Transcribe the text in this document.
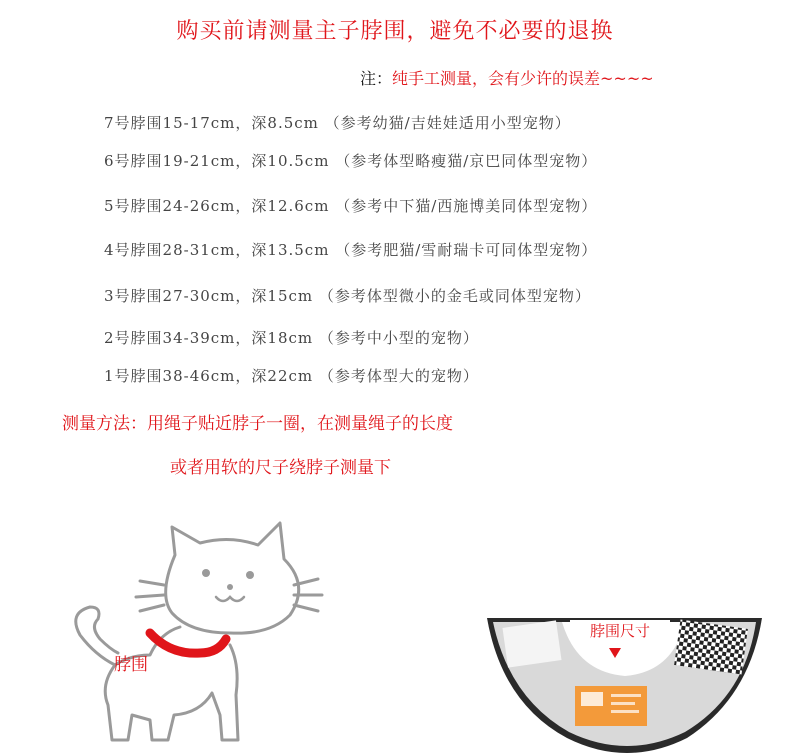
购买前请测量主子脖围，避免不必要的退换
注：纯手工测量，会有少许的误差~~~~
7号脖围15-17cm，深8.5cm （参考幼猫/吉娃娃适用小型宠物）
6号脖围19-21cm，深10.5cm （参考体型略瘦猫/京巴同体型宠物）
5号脖围24-26cm，深12.6cm （参考中下猫/西施博美同体型宠物）
4号脖围28-31cm，深13.5cm （参考肥猫/雪耐瑞卡可同体型宠物）
3号脖围27-30cm，深15cm （参考体型微小的金毛或同体型宠物）
2号脖围34-39cm，深18cm （参考中小型的宠物）
1号脖围38-46cm，深22cm （参考体型大的宠物）
测量方法：用绳子贴近脖子一圈，在测量绳子的长度
或者用软的尺子绕脖子测量下
脖围
脖围尺寸
